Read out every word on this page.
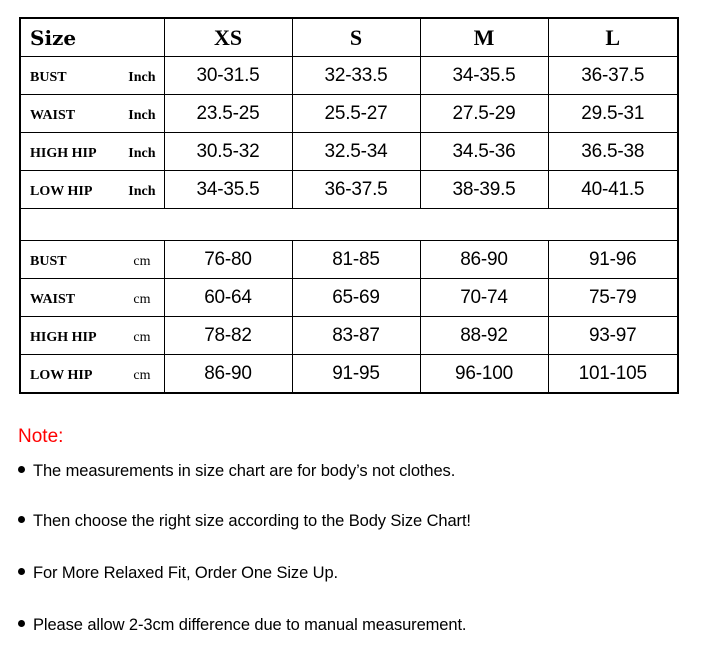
Size	XS	S	M	L

BUST Inch	30-31.5	32-33.5	34-35.5	36-37.5

WAIST Inch	23.5-25	25.5-27	27.5-29	29.5-31

HIGH HIP Inch	30.5-32	32.5-34	34.5-36	36.5-38

LOW HIP Inch	34-35.5	36-37.5	38-39.5	40-41.5

BUST cm	76-80	81-85	86-90	91-96

WAIST cm	60-64	65-69	70-74	75-79

HIGH HIP cm	78-82	83-87	88-92	93-97

LOW HIP cm	86-90	91-95	96-100	101-105

Note:

The measurements in size chart are for body’s not clothes.
Then choose the right size according to the Body Size Chart!
For More Relaxed Fit, Order One Size Up.
Please allow 2-3cm difference due to manual measurement.
